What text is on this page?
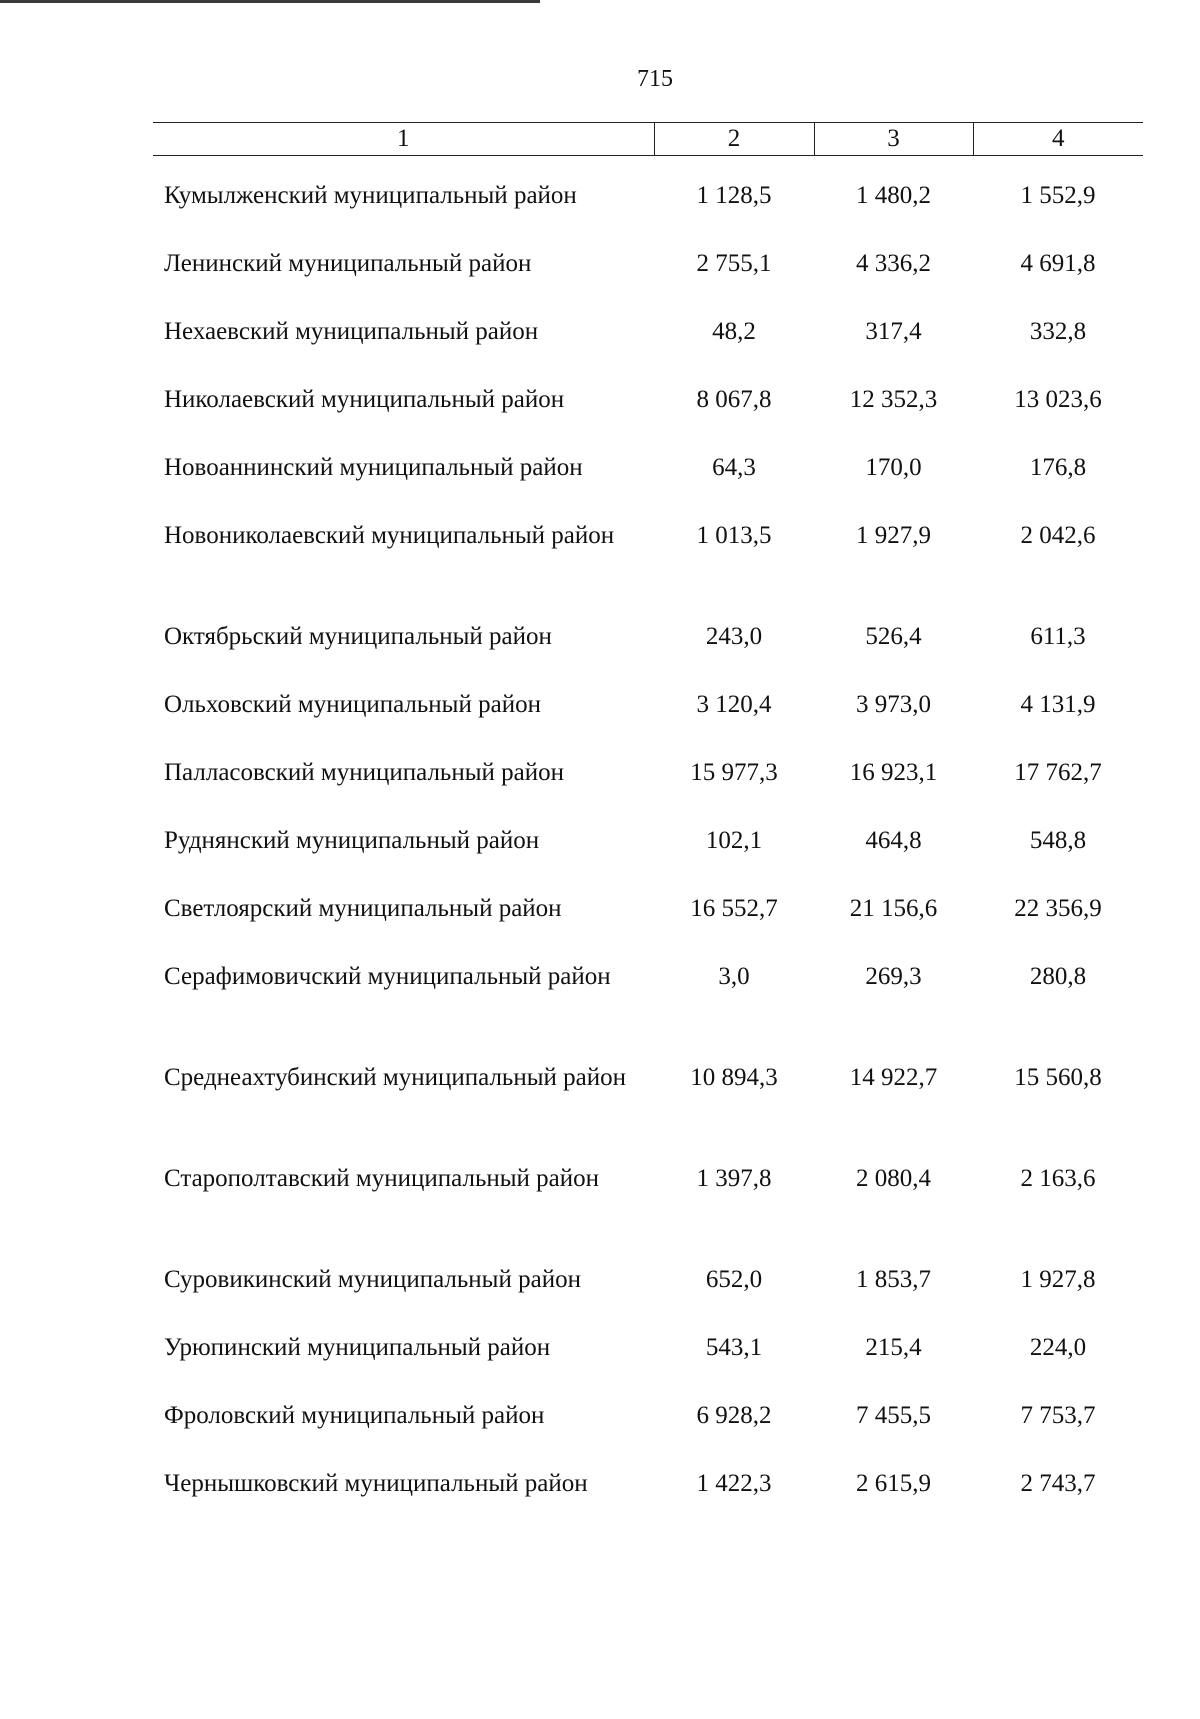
715
1	2	3	4

Кумылженский муниципальный район	1 128,5	1 480,2	1 552,9
Ленинский муниципальный район	2 755,1	4 336,2	4 691,8
Нехаевский муниципальный район	48,2	317,4	332,8
Николаевский муниципальный район	8 067,8	12 352,3	13 023,6
Новоаннинский муниципальный район	64,3	170,0	176,8
Новониколаевский муниципальный район	1 013,5	1 927,9	2 042,6
Октябрьский муниципальный район	243,0	526,4	611,3
Ольховский муниципальный район	3 120,4	3 973,0	4 131,9
Палласовский муниципальный район	15 977,3	16 923,1	17 762,7
Руднянский муниципальный район	102,1	464,8	548,8
Светлоярский муниципальный район	16 552,7	21 156,6	22 356,9
Серафимовичский муниципальный район	3,0	269,3	280,8
Среднеахтубинский муниципальный район	10 894,3	14 922,7	15 560,8
Старополтавский муниципальный район	1 397,8	2 080,4	2 163,6
Суровикинский муниципальный район	652,0	1 853,7	1 927,8
Урюпинский муниципальный район	543,1	215,4	224,0
Фроловский муниципальный район	6 928,2	7 455,5	7 753,7
Чернышковский муниципальный район	1 422,3	2 615,9	2 743,7
